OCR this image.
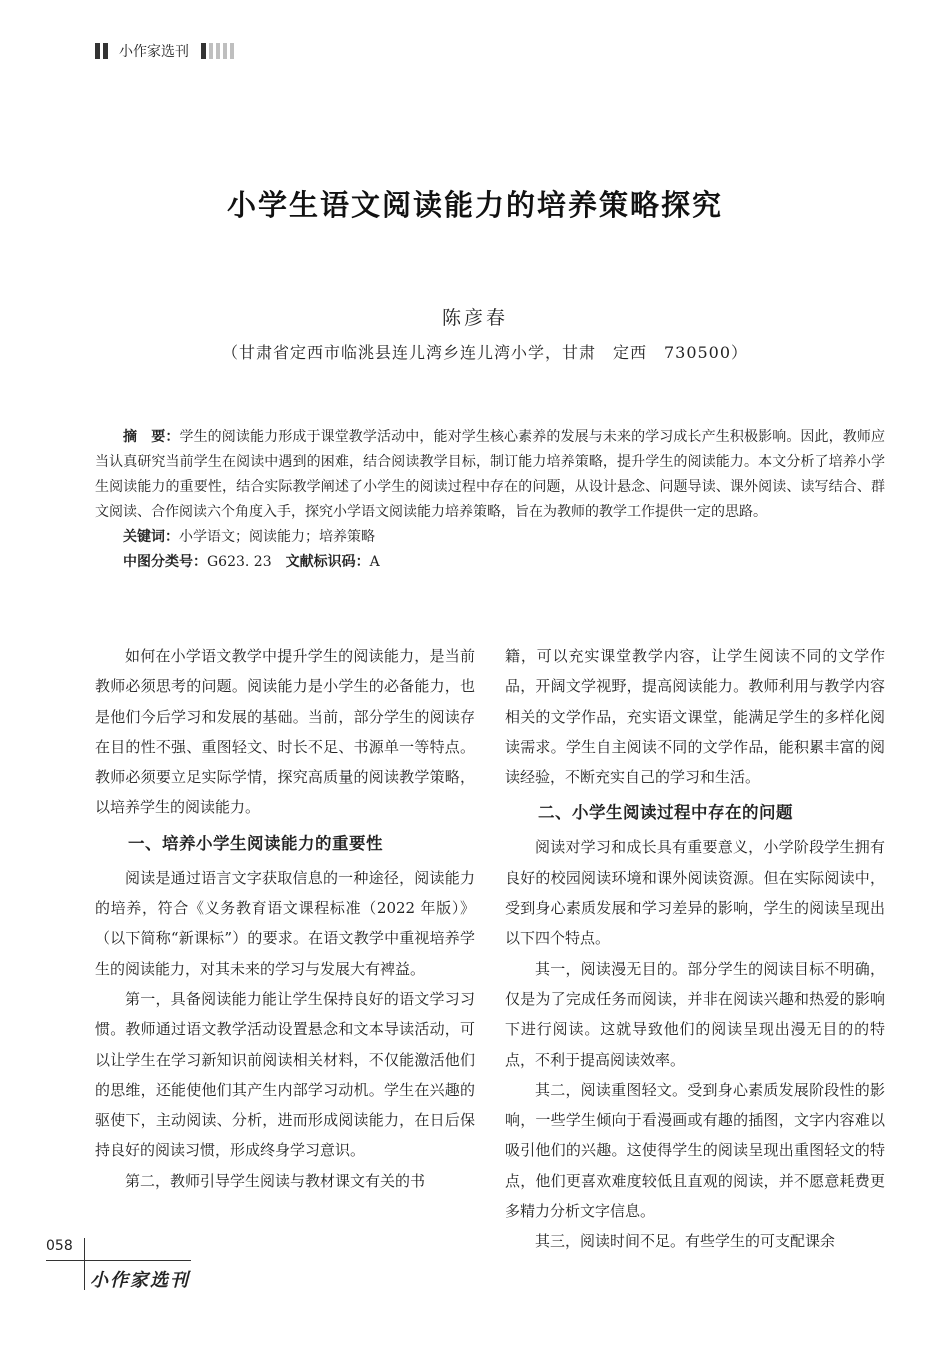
小作家选刊
小学生语文阅读能力的培养策略探究
陈彦春
（甘肃省定西市临洮县连儿湾乡连儿湾小学，甘肃　定西　730500）

摘　要：学生的阅读能力形成于课堂教学活动中，能对学生核心素养的发展与未来的学习成长产生积极影响。因此，教师应当认真研究当前学生在阅读中遇到的困难，结合阅读教学目标，制订能力培养策略，提升学生的阅读能力。本文分析了培养小学生阅读能力的重要性，结合实际教学阐述了小学生的阅读过程中存在的问题，从设计悬念、问题导读、课外阅读、读写结合、群文阅读、合作阅读六个角度入手，探究小学语文阅读能力培养策略，旨在为教师的教学工作提供一定的思路。

关键词：小学语文；阅读能力；培养策略

中图分类号：G623. 23　 文献标识码：A

如何在小学语文教学中提升学生的阅读能力，是当前教师必须思考的问题。阅读能力是小学生的必备能力，也是他们今后学习和发展的基础。当前，部分学生的阅读存在目的性不强、重图轻文、时长不足、书源单一等特点。教师必须要立足实际学情，探究高质量的阅读教学策略，以培养学生的阅读能力。

一、培养小学生阅读能力的重要性

阅读是通过语言文字获取信息的一种途径，阅读能力的培养，符合《义务教育语文课程标准（2022 年版）》（以下简称“新课标”）的要求。在语文教学中重视培养学生的阅读能力，对其未来的学习与发展大有裨益。

第一，具备阅读能力能让学生保持良好的语文学习习惯。教师通过语文教学活动设置悬念和文本导读活动，可以让学生在学习新知识前阅读相关材料，不仅能激活他们的思维，还能使他们其产生内部学习动机。学生在兴趣的驱使下，主动阅读、分析，进而形成阅读能力，在日后保持良好的阅读习惯，形成终身学习意识。

第二，教师引导学生阅读与教材课文有关的书

籍，可以充实课堂教学内容，让学生阅读不同的文学作品，开阔文学视野，提高阅读能力。教师利用与教学内容相关的文学作品，充实语文课堂，能满足学生的多样化阅读需求。学生自主阅读不同的文学作品，能积累丰富的阅读经验，不断充实自己的学习和生活。

二、小学生阅读过程中存在的问题

阅读对学习和成长具有重要意义，小学阶段学生拥有良好的校园阅读环境和课外阅读资源。但在实际阅读中，受到身心素质发展和学习差异的影响，学生的阅读呈现出以下四个特点。

其一，阅读漫无目的。部分学生的阅读目标不明确，仅是为了完成任务而阅读，并非在阅读兴趣和热爱的影响下进行阅读。这就导致他们的阅读呈现出漫无目的的特点，不利于提高阅读效率。

其二，阅读重图轻文。受到身心素质发展阶段性的影响，一些学生倾向于看漫画或有趣的插图，文字内容难以吸引他们的兴趣。这使得学生的阅读呈现出重图轻文的特点，他们更喜欢难度较低且直观的阅读，并不愿意耗费更多精力分析文字信息。

其三，阅读时间不足。有些学生的可支配课余

058
小作家选刊
